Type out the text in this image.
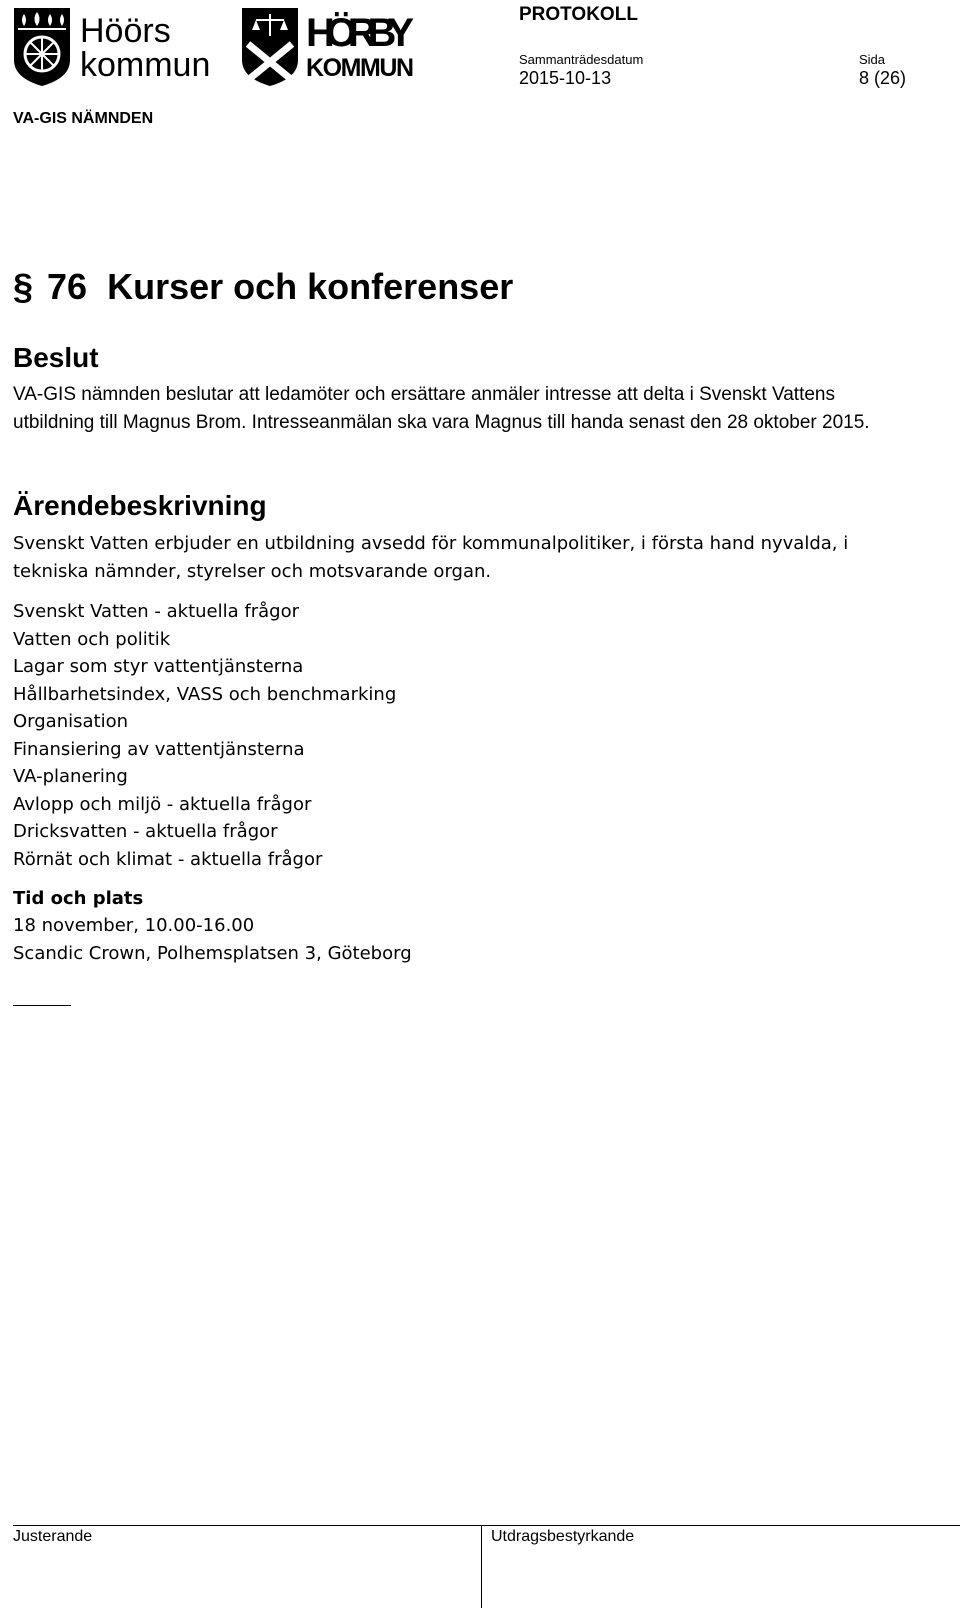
Höörs
kommun
HÖRBY
KOMMUN
PROTOKOLL
Sammanträdesdatum	Sida
2015-10-13	8 (26)
VA-GIS NÄMNDEN
§ 76 Kurser och konferenser
Beslut
VA-GIS nämnden beslutar att ledamöter och ersättare anmäler intresse att delta i Svenskt Vattens utbildning till Magnus Brom. Intresseanmälan ska vara Magnus till handa senast den 28 oktober 2015.
Ärendebeskrivning
Svenskt Vatten erbjuder en utbildning avsedd för kommunalpolitiker, i första hand nyvalda, i tekniska nämnder, styrelser och motsvarande organ.
Svenskt Vatten - aktuella frågor
Vatten och politik
Lagar som styr vattentjänsterna
Hållbarhetsindex, VASS och benchmarking
Organisation
Finansiering av vattentjänsterna
VA-planering
Avlopp och miljö - aktuella frågor
Dricksvatten - aktuella frågor
Rörnät och klimat - aktuella frågor
Tid och plats
18 november, 10.00-16.00
Scandic Crown, Polhemsplatsen 3, Göteborg
Justerande	Utdragsbestyrkande
